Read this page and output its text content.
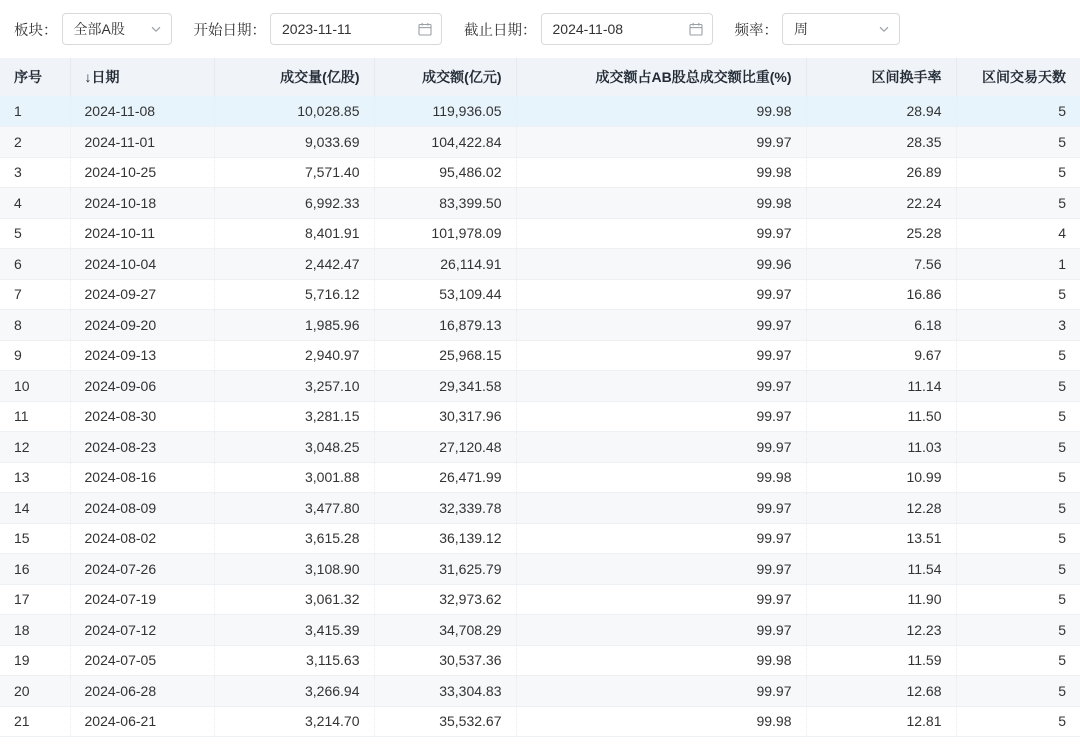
板块： 全部A股	开始日期： 2023-11-11	截止日期： 2024-11-08	频率： 周
序号	↓日期	成交量(亿股)	成交额(亿元)	成交额占AB股总成交额比重(%)	区间换手率	区间交易天数
1	2024-11-08	10,028.85	119,936.05	99.98	28.94	5
2	2024-11-01	9,033.69	104,422.84	99.97	28.35	5
3	2024-10-25	7,571.40	95,486.02	99.98	26.89	5
4	2024-10-18	6,992.33	83,399.50	99.98	22.24	5
5	2024-10-11	8,401.91	101,978.09	99.97	25.28	4
6	2024-10-04	2,442.47	26,114.91	99.96	7.56	1
7	2024-09-27	5,716.12	53,109.44	99.97	16.86	5
8	2024-09-20	1,985.96	16,879.13	99.97	6.18	3
9	2024-09-13	2,940.97	25,968.15	99.97	9.67	5
10	2024-09-06	3,257.10	29,341.58	99.97	11.14	5
11	2024-08-30	3,281.15	30,317.96	99.97	11.50	5
12	2024-08-23	3,048.25	27,120.48	99.97	11.03	5
13	2024-08-16	3,001.88	26,471.99	99.98	10.99	5
14	2024-08-09	3,477.80	32,339.78	99.97	12.28	5
15	2024-08-02	3,615.28	36,139.12	99.97	13.51	5
16	2024-07-26	3,108.90	31,625.79	99.97	11.54	5
17	2024-07-19	3,061.32	32,973.62	99.97	11.90	5
18	2024-07-12	3,415.39	34,708.29	99.97	12.23	5
19	2024-07-05	3,115.63	30,537.36	99.98	11.59	5
20	2024-06-28	3,266.94	33,304.83	99.97	12.68	5
21	2024-06-21	3,214.70	35,532.67	99.98	12.81	5
